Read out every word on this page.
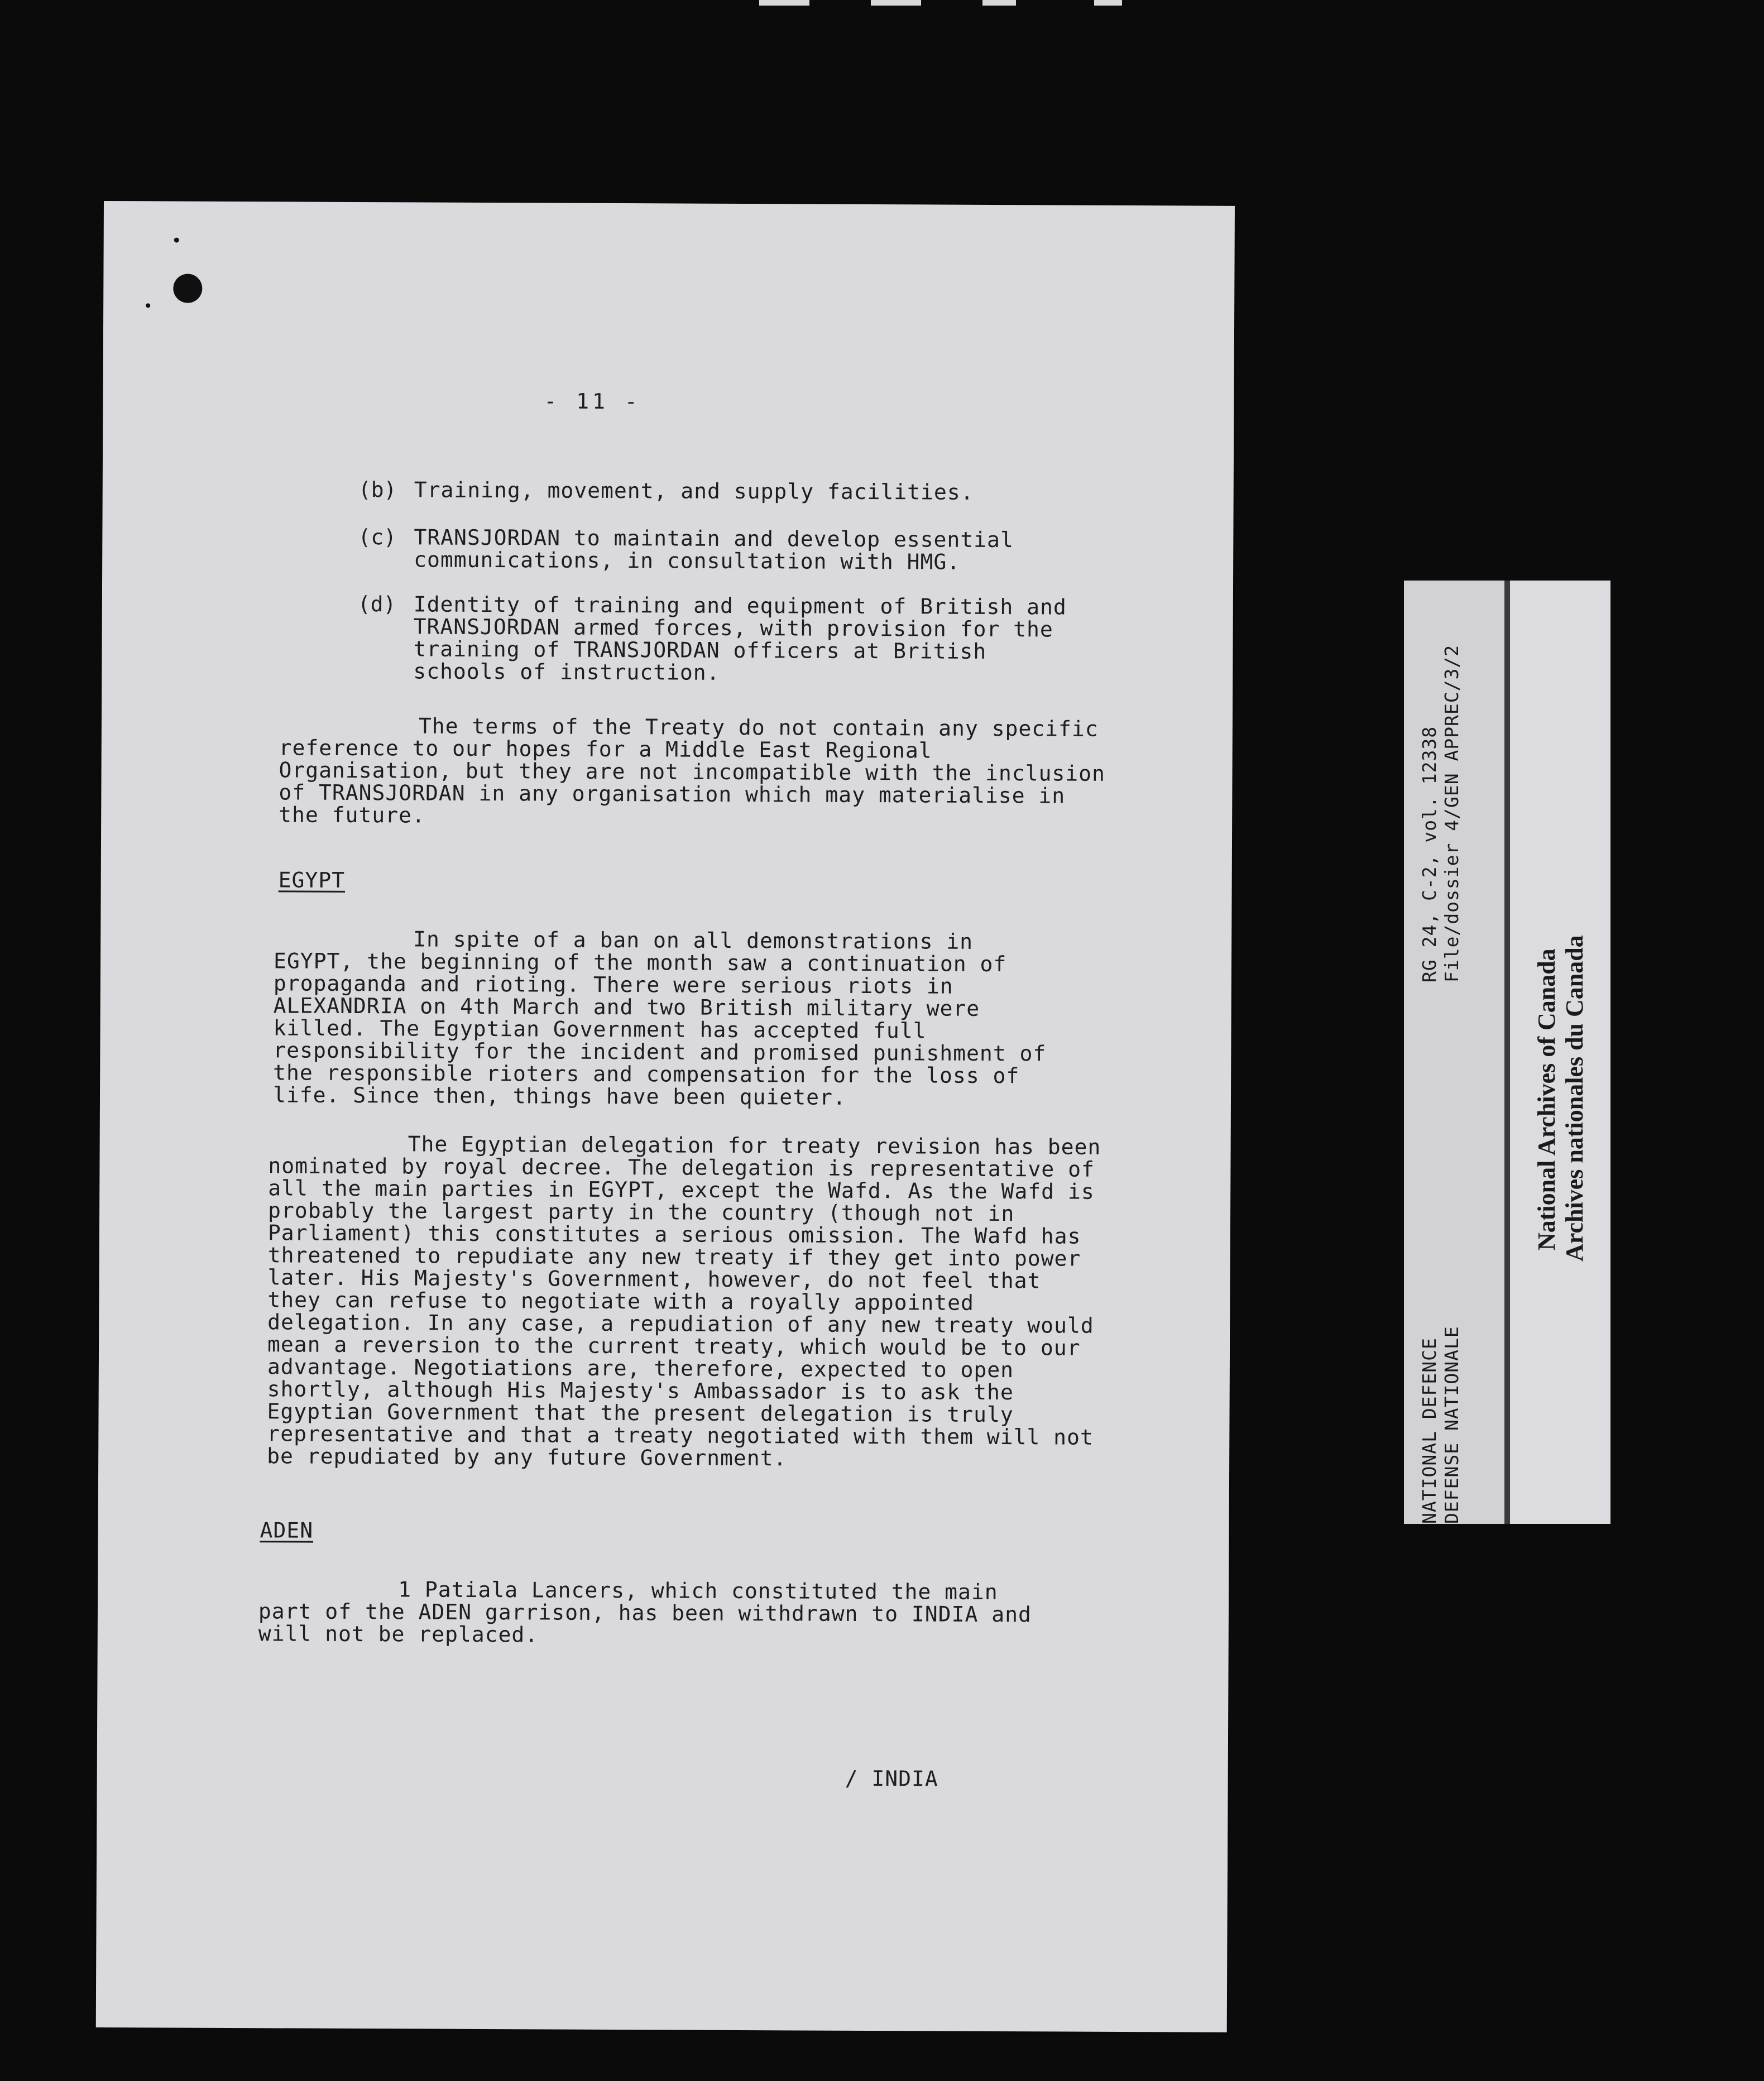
- 11 -

(b) Training, movement, and supply facilities.
(c) TRANSJORDAN to maintain and develop essential communications, in consultation with HMG.
(d) Identity of training and equipment of British and TRANSJORDAN armed forces, with provision for the training of TRANSJORDAN officers at British schools of instruction.

The terms of the Treaty do not contain any specific reference to our hopes for a Middle East Regional Organisation, but they are not incompatible with the inclusion of TRANSJORDAN in any organisation which may materialise in the future.

EGYPT

In spite of a ban on all demonstrations in EGYPT, the beginning of the month saw a continuation of propaganda and rioting. There were serious riots in ALEXANDRIA on 4th March and two British military were killed. The Egyptian Government has accepted full responsibility for the incident and promised punishment of the responsible rioters and compensation for the loss of life. Since then, things have been quieter.

The Egyptian delegation for treaty revision has been nominated by royal decree. The delegation is representative of all the main parties in EGYPT, except the Wafd. As the Wafd is probably the largest party in the country (though not in Parliament) this constitutes a serious omission. The Wafd has threatened to repudiate any new treaty if they get into power later. His Majesty's Government, however, do not feel that they can refuse to negotiate with a royally appointed delegation. In any case, a repudiation of any new treaty would mean a reversion to the current treaty, which would be to our advantage. Negotiations are, therefore, expected to open shortly, although His Majesty's Ambassador is to ask the Egyptian Government that the present delegation is truly representative and that a treaty negotiated with them will not be repudiated by any future Government.

ADEN

1 Patiala Lancers, which constituted the main part of the ADEN garrison, has been withdrawn to INDIA and will not be replaced.

/ INDIA

RG 24, C-2, vol. 12338 File/dossier 4/GEN APPREC/3/2
NATIONAL DEFENCE DEFENSE NATIONALE
National Archives of Canada Archives nationales du Canada
